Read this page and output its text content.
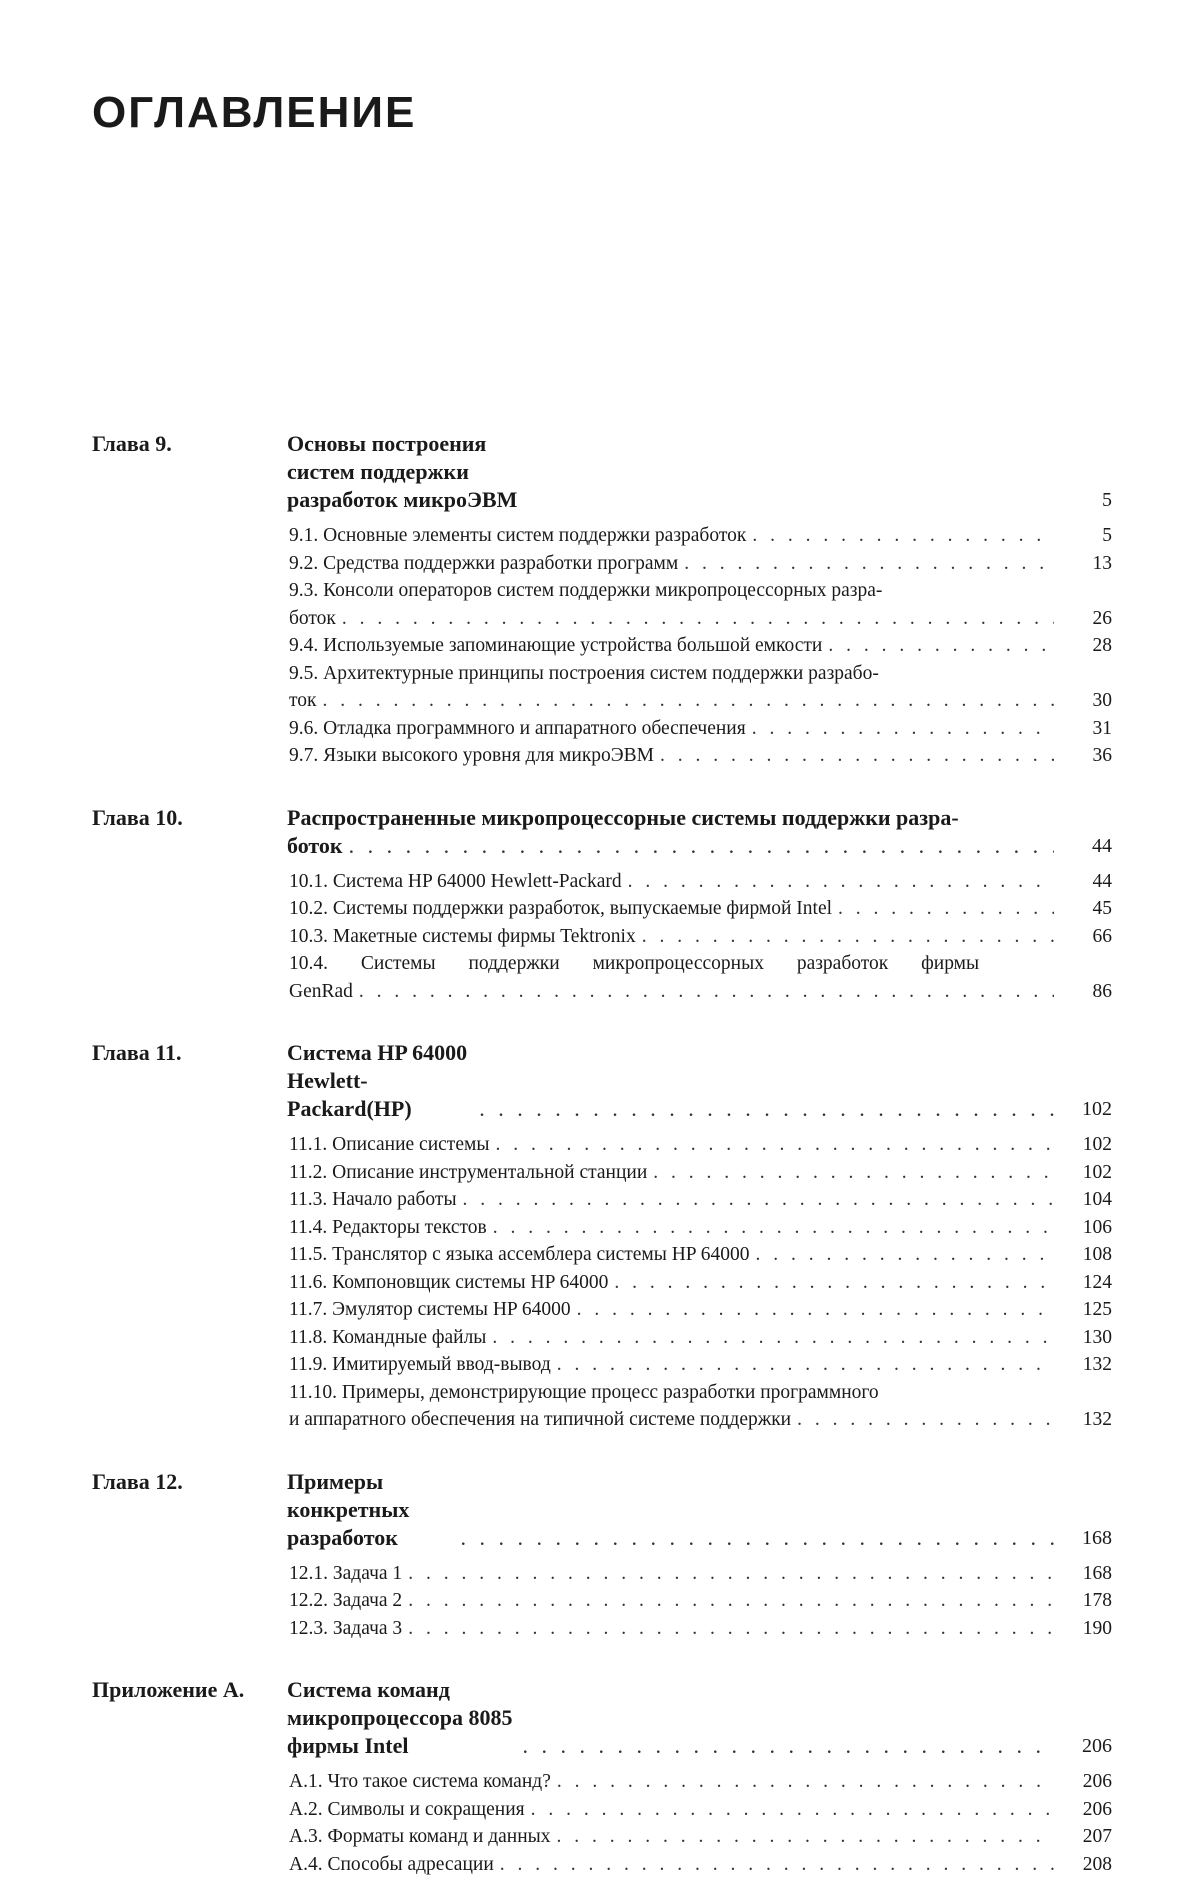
ОГЛАВЛЕНИЕ
Глава 9.	Основы построения систем поддержки разработок микроЭВМ	5
9.1. Основные элементы систем поддержки разработок . . .	5
9.2. Средства поддержки разработки программ . . .	13
9.3. Консоли операторов систем поддержки микропроцессорных разра-
боток . . .	26
9.4. Используемые запоминающие устройства большой емкости . . .	28
9.5. Архитектурные принципы построения систем поддержки разрабо-
ток . . .	30
9.6. Отладка программного и аппаратного обеспечения . . .	31
9.7. Языки высокого уровня для микроЭВМ . . .	36
Глава 10.	Распространенные микропроцессорные системы поддержки разра-
боток . . .	44
10.1. Система HP 64000 Hewlett-Packard . . .	44
10.2. Системы поддержки разработок, выпускаемые фирмой Intel . . .	45
10.3. Макетные системы фирмы Tektronix . . .	66
10.4. Системы поддержки микропроцессорных разработок фирмы
GenRad . . .	86
Глава 11.	Система HP 64000 Hewlett-Packard(HP) . . .	102
11.1. Описание системы . . .	102
11.2. Описание инструментальной станции . . .	102
11.3. Начало работы . . .	104
11.4. Редакторы текстов . . .	106
11.5. Транслятор с языка ассемблера системы HP 64000 . . .	108
11.6. Компоновщик системы HP 64000 . . .	124
11.7. Эмулятор системы HP 64000 . . .	125
11.8. Командные файлы . . .	130
11.9. Имитируемый ввод-вывод . . .	132
11.10. Примеры, демонстрирующие процесс разработки программного
и аппаратного обеспечения на типичной системе поддержки . . .	132
Глава 12.	Примеры конкретных разработок . . .	168
12.1. Задача 1 . . .	168
12.2. Задача 2 . . .	178
12.3. Задача 3 . . .	190
Приложение А.	Система команд микропроцессора 8085 фирмы Intel . . .	206
А.1. Что такое система команд? . . .	206
А.2. Символы и сокращения . . .	206
А.3. Форматы команд и данных . . .	207
А.4. Способы адресации . . .	208
